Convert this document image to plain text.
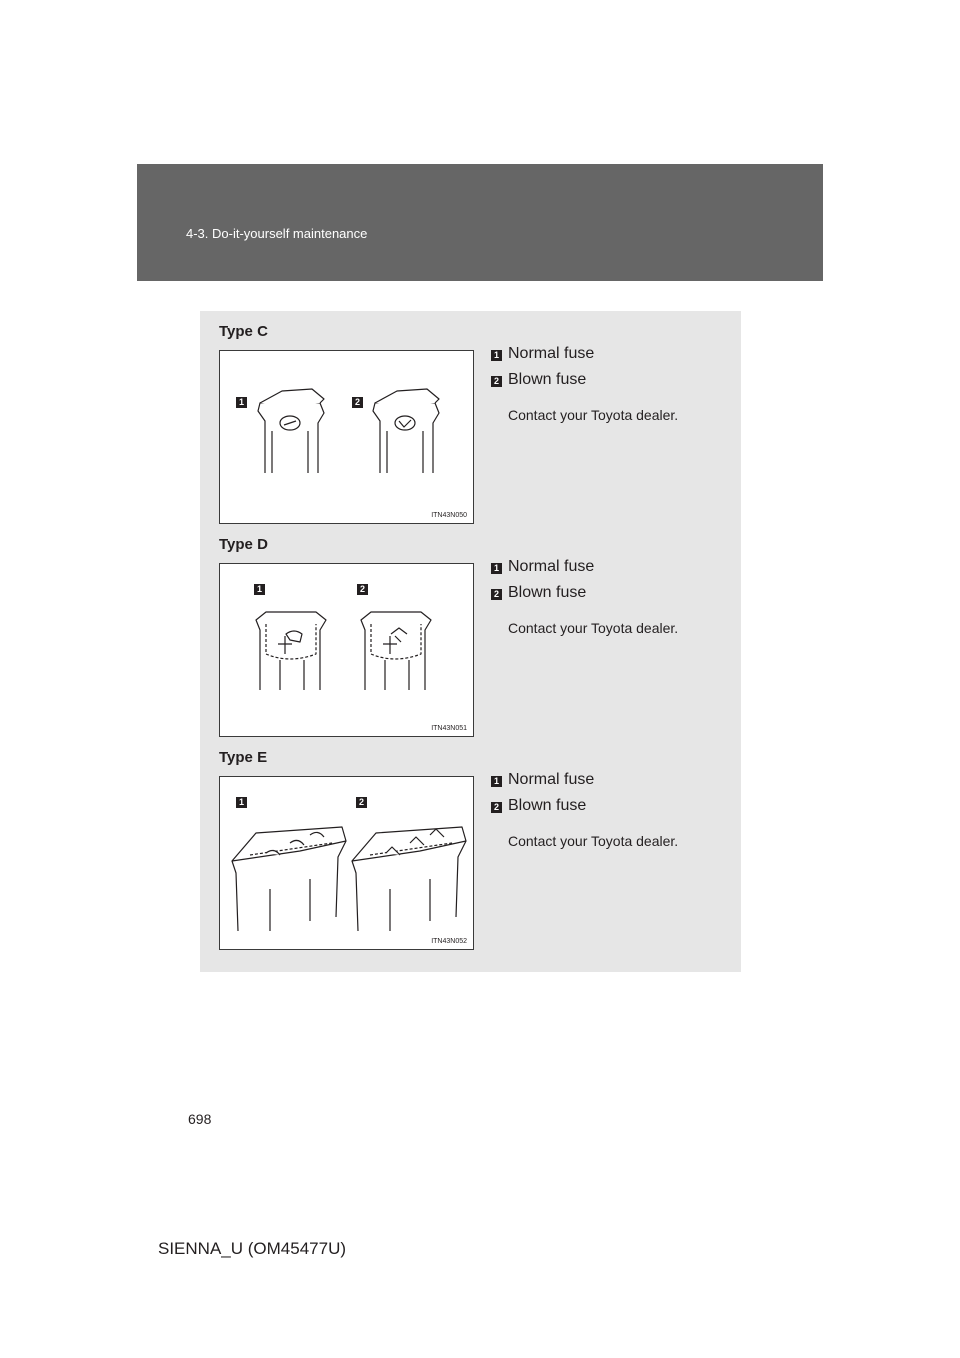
4-3. Do-it-yourself maintenance
Type C
1	2
ITN43N050
1 Normal fuse
2 Blown fuse
Contact your Toyota dealer.
Type D
1	2
ITN43N051
1 Normal fuse
2 Blown fuse
Contact your Toyota dealer.
Type E
1	2
ITN43N052
1 Normal fuse
2 Blown fuse
Contact your Toyota dealer.
698
SIENNA_U (OM45477U)
